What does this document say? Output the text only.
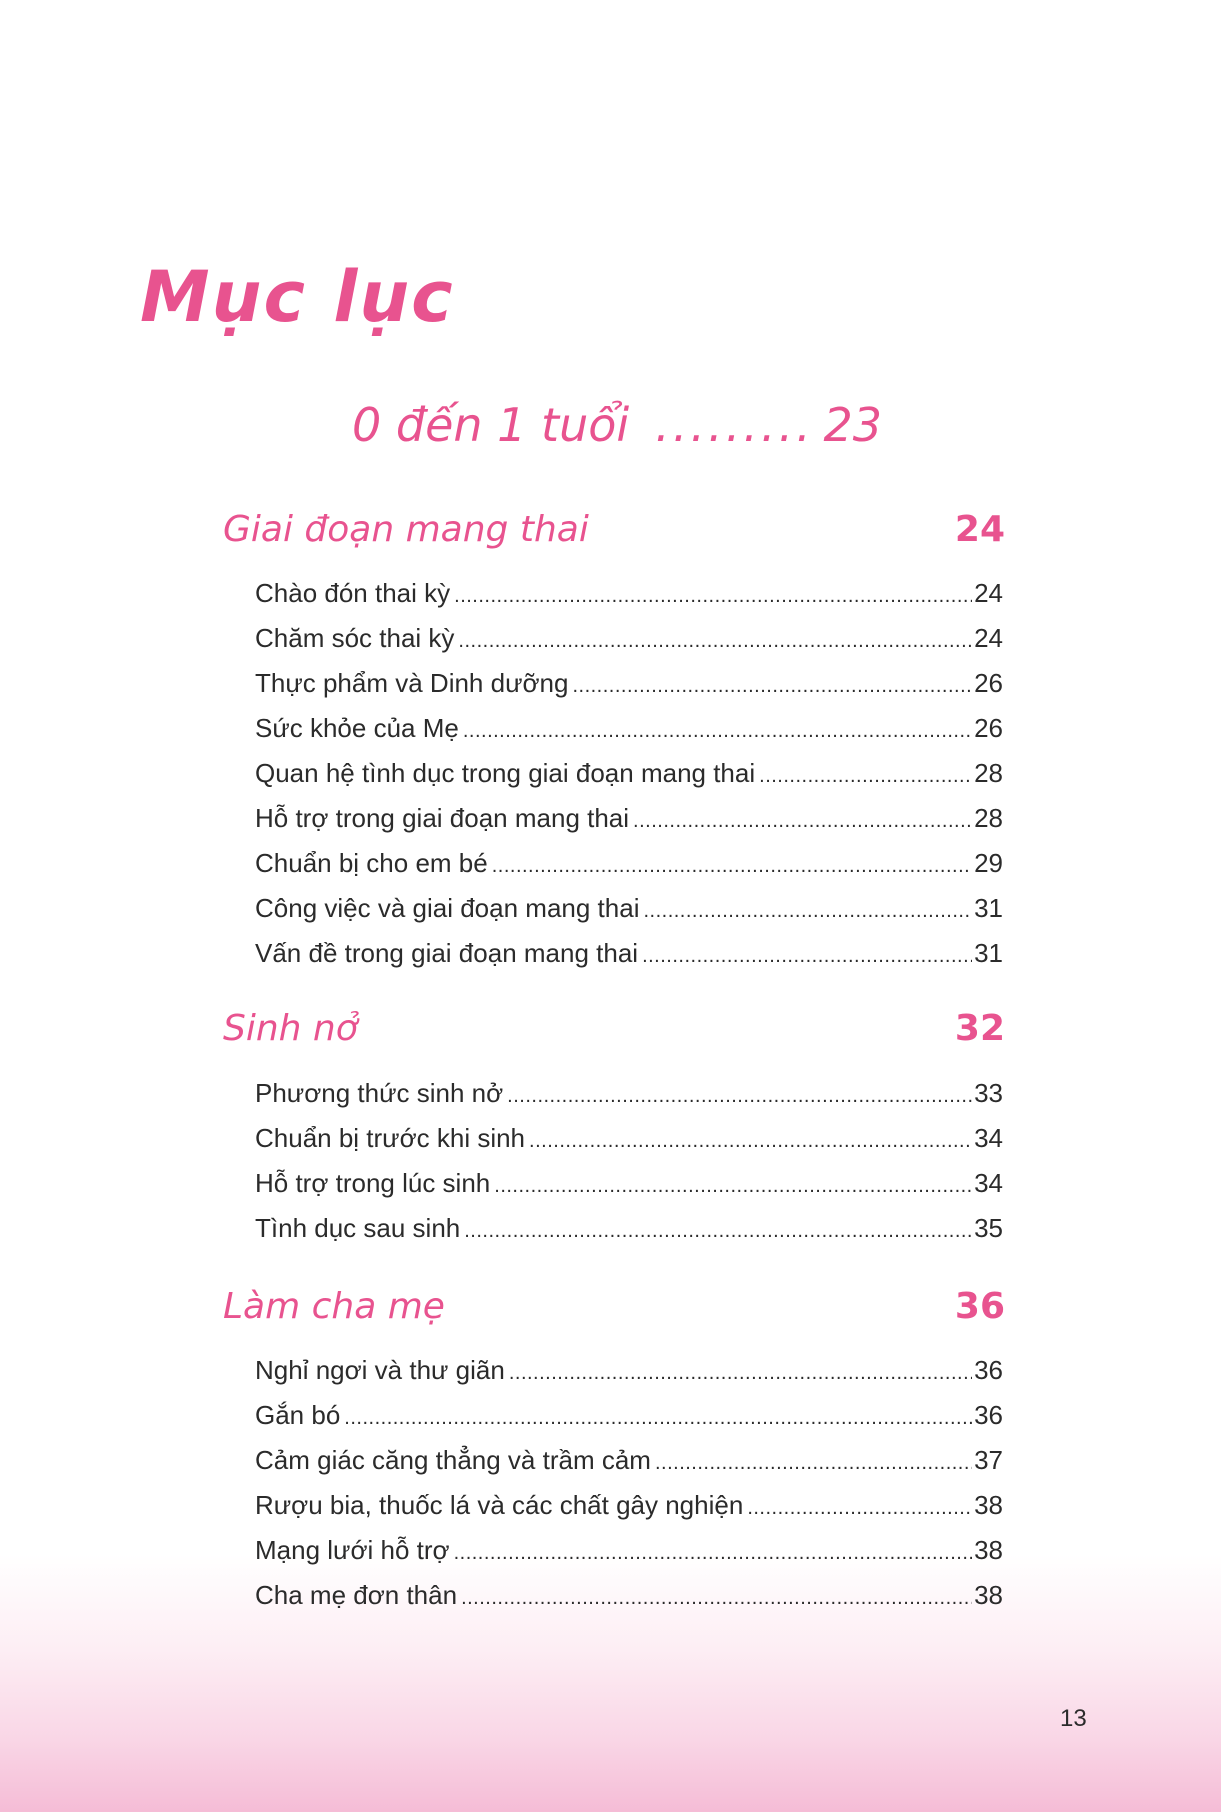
Mục lục
0 đến 1 tuổi ......... 23
Giai đoạn mang thai	24
Chào đón thai kỳ .....	24
Chăm sóc thai kỳ .....	24
Thực phẩm và Dinh dưỡng .....	26
Sức khỏe của Mẹ .....	26
Quan hệ tình dục trong giai đoạn mang thai .....	28
Hỗ trợ trong giai đoạn mang thai .....	28
Chuẩn bị cho em bé .....	29
Công việc và giai đoạn mang thai .....	31
Vấn đề trong giai đoạn mang thai .....	31
Sinh nở	32
Phương thức sinh nở .....	33
Chuẩn bị trước khi sinh .....	34
Hỗ trợ trong lúc sinh .....	34
Tình dục sau sinh .....	35
Làm cha mẹ	36
Nghỉ ngơi và thư giãn .....	36
Gắn bó .....	36
Cảm giác căng thẳng và trầm cảm .....	37
Rượu bia, thuốc lá và các chất gây nghiện .....	38
Mạng lưới hỗ trợ .....	38
Cha mẹ đơn thân .....	38
13
